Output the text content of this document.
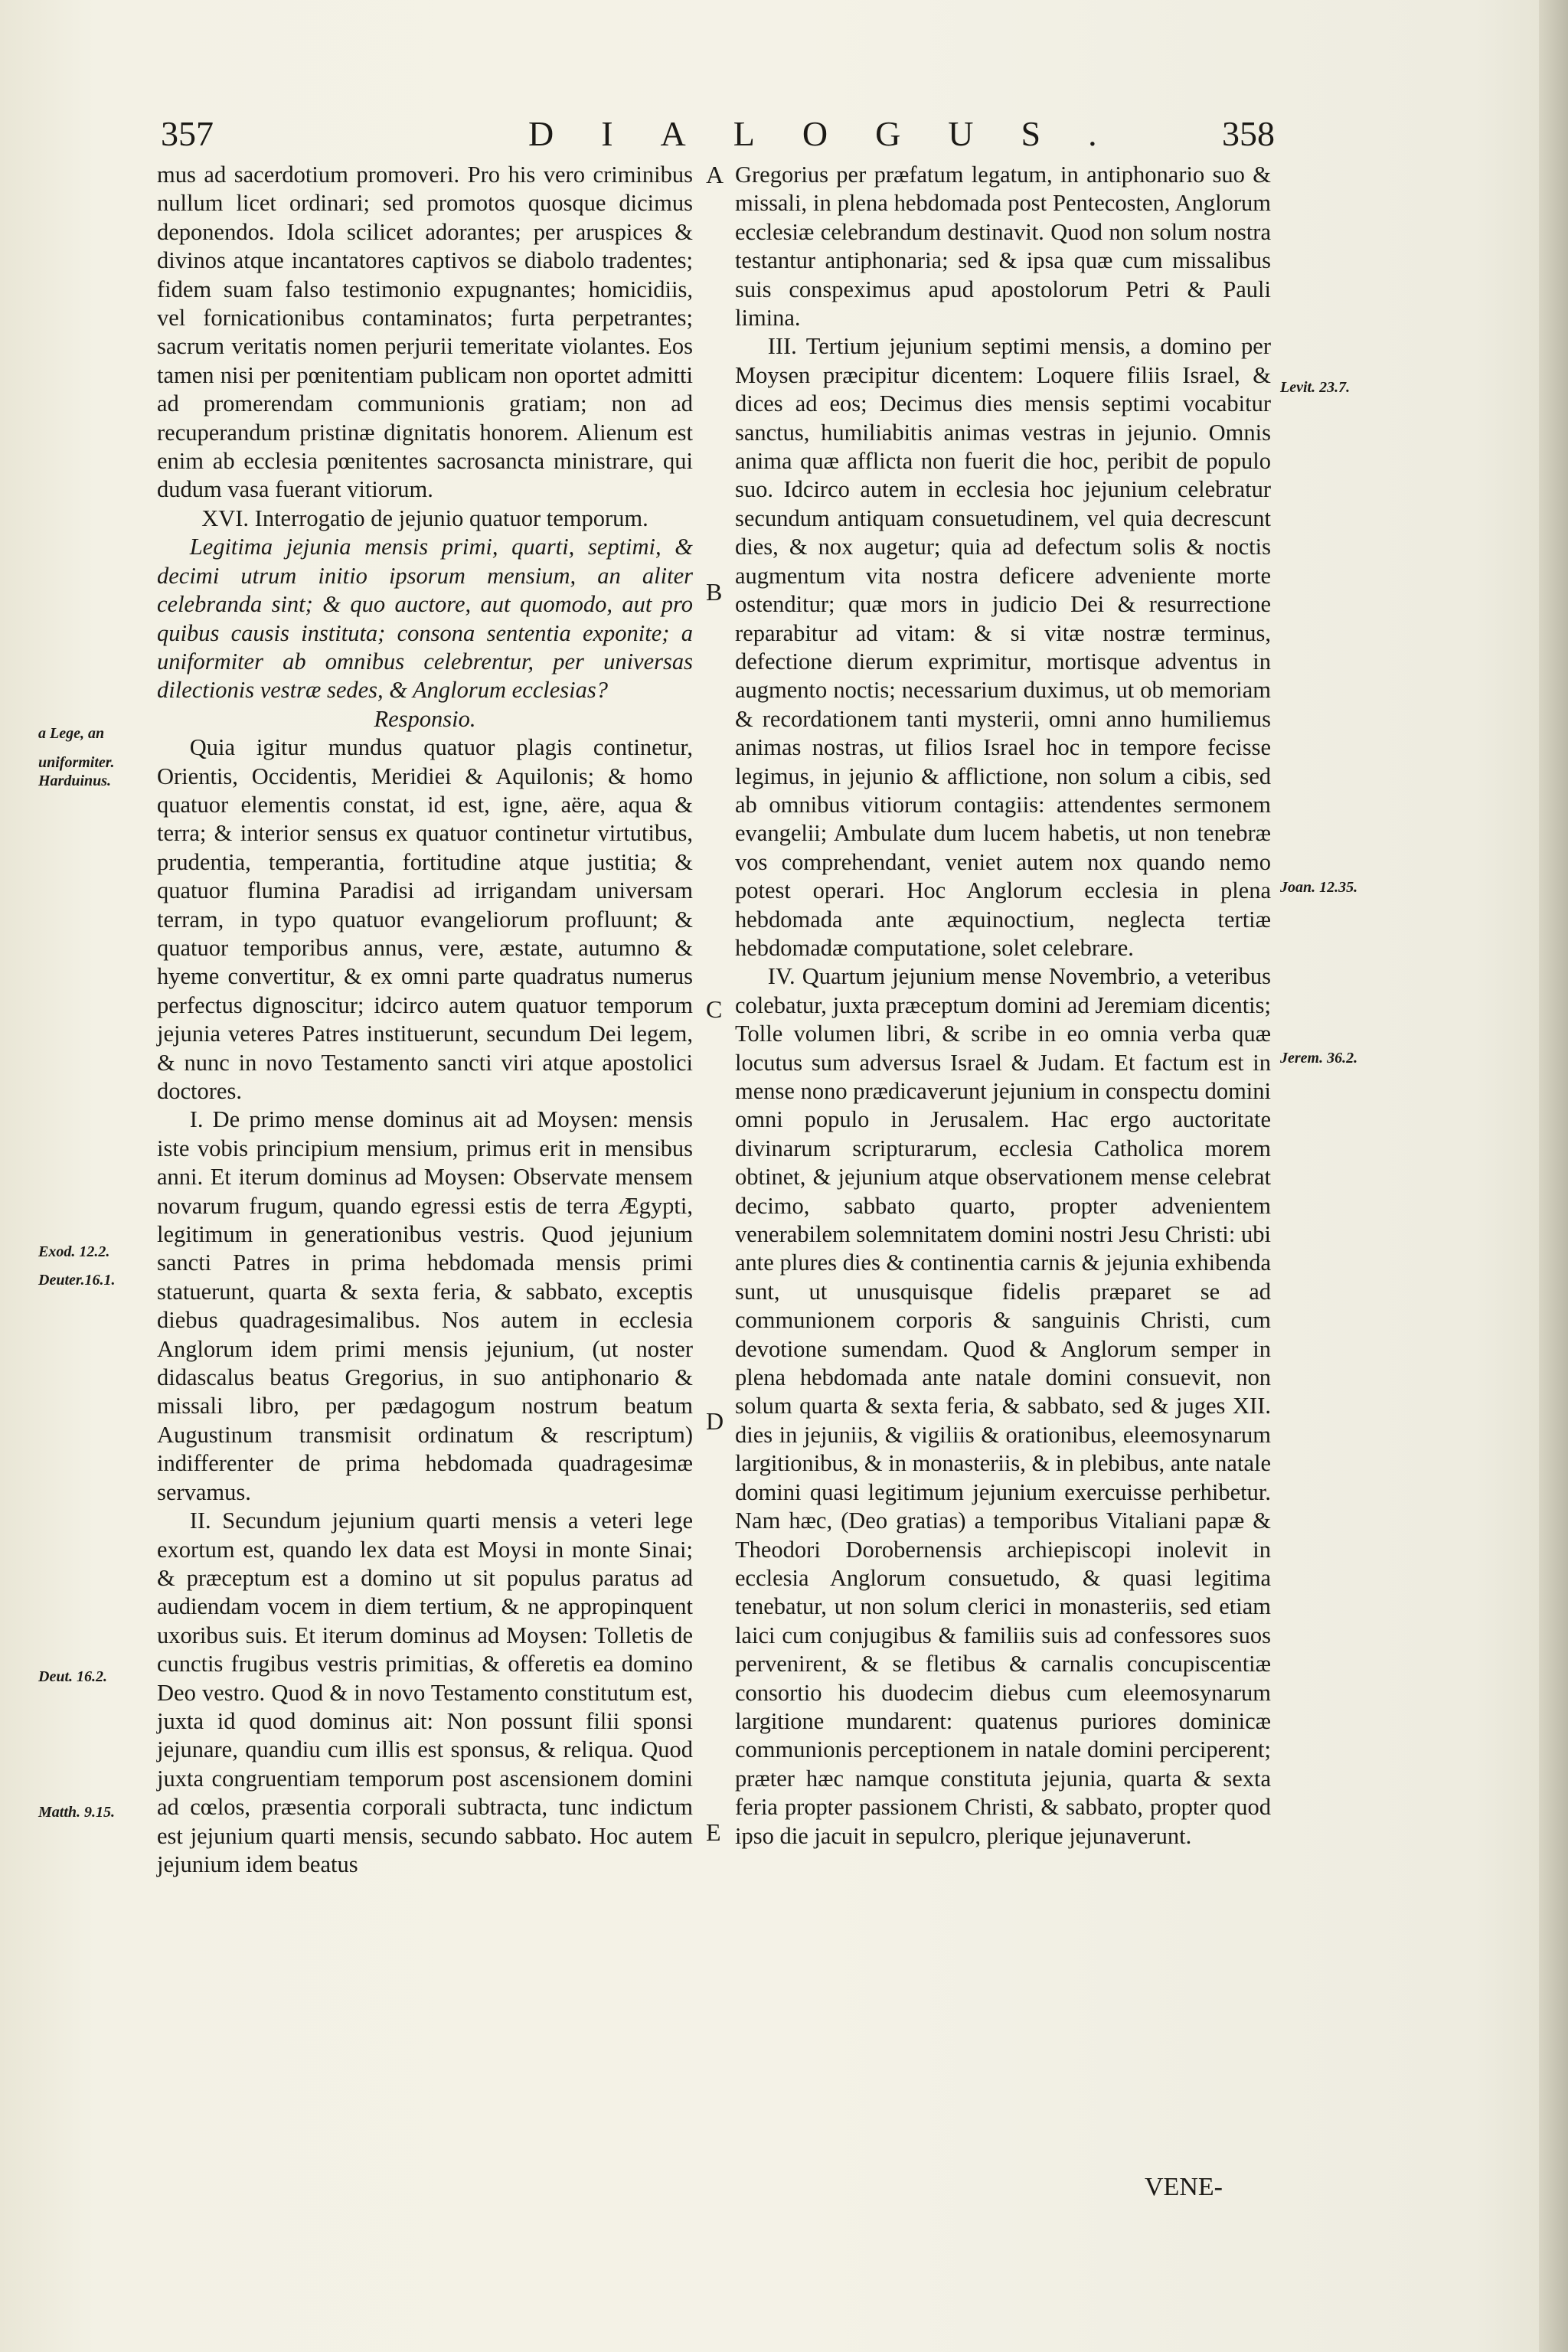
357	DIALOGUS. 358
A
B
C
D
E
a Lege, an
uniformiter. Harduinus.
Exod. 12.2.
Deuter.16.1.
Deut. 16.2.
Matth. 9.15.
Levit. 23.7.
Joan. 12.35.
Jerem. 36.2.

mus ad sacerdotium promoveri. Pro his vero criminibus nullum licet ordinari; sed promotos quosque dicimus deponendos. Idola scilicet adorantes; per aruspices & divinos atque incantatores captivos se diabolo tradentes; fidem suam falso testimonio expugnantes; homicidiis, vel fornicationibus contaminatos; furta perpetrantes; sacrum veritatis nomen perjurii temeritate violantes. Eos tamen nisi per pœnitentiam publicam non oportet admitti ad promerendam communionis gratiam; non ad recuperandum pristinæ dignitatis honorem. Alienum est enim ab ecclesia pœnitentes sacrosancta ministrare, qui dudum vasa fuerant vitiorum.

XVI. Interrogatio de jejunio quatuor temporum.

Legitima jejunia mensis primi, quarti, septimi, & decimi utrum initio ipsorum mensium, an aliter celebranda sint; & quo auctore, aut quomodo, aut pro quibus causis instituta; consona sententia exponite; a uniformiter ab omnibus celebrentur, per universas dilectionis vestræ sedes, & Anglorum ecclesias?

Responsio.

Quia igitur mundus quatuor plagis continetur, Orientis, Occidentis, Meridiei & Aquilonis; & homo quatuor elementis constat, id est, igne, aëre, aqua & terra; & interior sensus ex quatuor continetur virtutibus, prudentia, temperantia, fortitudine atque justitia; & quatuor flumina Paradisi ad irrigandam universam terram, in typo quatuor evangeliorum profluunt; & quatuor temporibus annus, vere, æstate, autumno & hyeme convertitur, & ex omni parte quadratus numerus perfectus dignoscitur; idcirco autem quatuor temporum jejunia veteres Patres instituerunt, secundum Dei legem, & nunc in novo Testamento sancti viri atque apostolici doctores.

I. De primo mense dominus ait ad Moysen: mensis iste vobis principium mensium, primus erit in mensibus anni. Et iterum dominus ad Moysen: Observate mensem novarum frugum, quando egressi estis de terra Ægypti, legitimum in generationibus vestris. Quod jejunium sancti Patres in prima hebdomada mensis primi statuerunt, quarta & sexta feria, & sabbato, exceptis diebus quadragesimalibus. Nos autem in ecclesia Anglorum idem primi mensis jejunium, (ut noster didascalus beatus Gregorius, in suo antiphonario & missali libro, per pædagogum nostrum beatum Augustinum transmisit ordinatum & rescriptum) indifferenter de prima hebdomada quadragesimæ servamus.

II. Secundum jejunium quarti mensis a veteri lege exortum est, quando lex data est Moysi in monte Sinai; & præceptum est a domino ut sit populus paratus ad audiendam vocem in diem tertium, & ne appropinquent uxoribus suis. Et iterum dominus ad Moysen: Tolletis de cunctis frugibus vestris primitias, & offeretis ea domino Deo vestro. Quod & in novo Testamento constitutum est, juxta id quod dominus ait: Non possunt filii sponsi jejunare, quandiu cum illis est sponsus, & reliqua. Quod juxta congruentiam temporum post ascensionem domini ad cœlos, præsentia corporali subtracta, tunc indictum est jejunium quarti mensis, secundo sabbato. Hoc autem jejunium idem beatus

Gregorius per præfatum legatum, in antiphonario suo & missali, in plena hebdomada post Pentecosten, Anglorum ecclesiæ celebrandum destinavit. Quod non solum nostra testantur antiphonaria; sed & ipsa quæ cum missalibus suis conspeximus apud apostolorum Petri & Pauli limina.

III. Tertium jejunium septimi mensis, a domino per Moysen præcipitur dicentem: Loquere filiis Israel, & dices ad eos; Decimus dies mensis septimi vocabitur sanctus, humiliabitis animas vestras in jejunio. Omnis anima quæ afflicta non fuerit die hoc, peribit de populo suo. Idcirco autem in ecclesia hoc jejunium celebratur secundum antiquam consuetudinem, vel quia decrescunt dies, & nox augetur; quia ad defectum solis & noctis augmentum vita nostra deficere adveniente morte ostenditur; quæ mors in judicio Dei & resurrectione reparabitur ad vitam: & si vitæ nostræ terminus, defectione dierum exprimitur, mortisque adventus in augmento noctis; necessarium duximus, ut ob memoriam & recordationem tanti mysterii, omni anno humiliemus animas nostras, ut filios Israel hoc in tempore fecisse legimus, in jejunio & afflictione, non solum a cibis, sed ab omnibus vitiorum contagiis: attendentes sermonem evangelii; Ambulate dum lucem habetis, ut non tenebræ vos comprehendant, veniet autem nox quando nemo potest operari. Hoc Anglorum ecclesia in plena hebdomada ante æquinoctium, neglecta tertiæ hebdomadæ computatione, solet celebrare.

IV. Quartum jejunium mense Novembrio, a veteribus colebatur, juxta præceptum domini ad Jeremiam dicentis; Tolle volumen libri, & scribe in eo omnia verba quæ locutus sum adversus Israel & Judam. Et factum est in mense nono prædicaverunt jejunium in conspectu domini omni populo in Jerusalem. Hac ergo auctoritate divinarum scripturarum, ecclesia Catholica morem obtinet, & jejunium atque observationem mense celebrat decimo, sabbato quarto, propter advenientem venerabilem solemnitatem domini nostri Jesu Christi: ubi ante plures dies & continentia carnis & jejunia exhibenda sunt, ut unusquisque fidelis præparet se ad communionem corporis & sanguinis Christi, cum devotione sumendam. Quod & Anglorum semper in plena hebdomada ante natale domini consuevit, non solum quarta & sexta feria, & sabbato, sed & juges XII. dies in jejuniis, & vigiliis & orationibus, eleemosynarum largitionibus, & in monasteriis, & in plebibus, ante natale domini quasi legitimum jejunium exercuisse perhibetur. Nam hæc, (Deo gratias) a temporibus Vitaliani papæ & Theodori Dorobernensis archiepiscopi inolevit in ecclesia Anglorum consuetudo, & quasi legitima tenebatur, ut non solum clerici in monasteriis, sed etiam laici cum conjugibus & familiis suis ad confessores suos pervenirent, & se fletibus & carnalis concupiscentiæ consortio his duodecim diebus cum eleemosynarum largitione mundarent: quatenus puriores dominicæ communionis perceptionem in natale domini perciperent; præter hæc namque constituta jejunia, quarta & sexta feria propter passionem Christi, & sabbato, propter quod ipso die jacuit in sepulcro, plerique jejunaverunt.

VENE-
